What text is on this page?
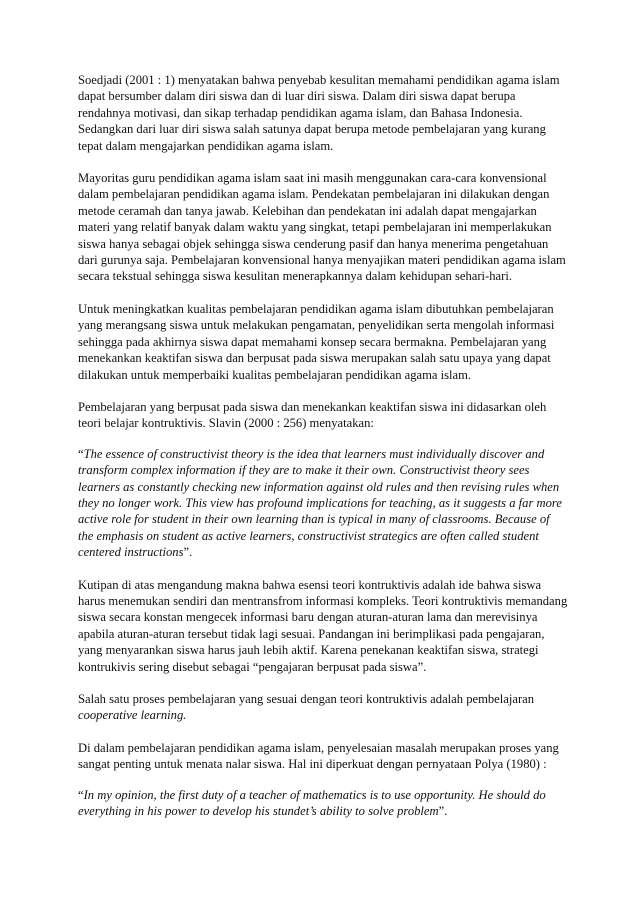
Soedjadi (2001 : 1) menyatakan bahwa penyebab kesulitan memahami pendidikan agama islam dapat bersumber dalam diri siswa dan di luar diri siswa. Dalam diri siswa dapat berupa rendahnya motivasi, dan sikap terhadap pendidikan agama islam, dan Bahasa Indonesia. Sedangkan dari luar diri siswa salah satunya dapat berupa metode pembelajaran yang kurang tepat dalam mengajarkan pendidikan agama islam.

Mayoritas guru pendidikan agama islam saat ini masih menggunakan cara-cara konvensional dalam pembelajaran pendidikan agama islam. Pendekatan pembelajaran ini dilakukan dengan metode ceramah dan tanya jawab. Kelebihan dan pendekatan ini adalah dapat mengajarkan materi yang relatif banyak dalam waktu yang singkat, tetapi pembelajaran ini memperlakukan siswa hanya sebagai objek sehingga siswa cenderung pasif dan hanya menerima pengetahuan dari gurunya saja. Pembelajaran konvensional hanya menyajikan materi pendidikan agama islam secara tekstual sehingga siswa kesulitan menerapkannya dalam kehidupan sehari-hari.

Untuk meningkatkan kualitas pembelajaran pendidikan agama islam dibutuhkan pembelajaran yang merangsang siswa untuk melakukan pengamatan, penyelidikan serta mengolah informasi sehingga pada akhirnya siswa dapat memahami konsep secara bermakna. Pembelajaran yang menekankan keaktifan siswa dan berpusat pada siswa merupakan salah satu upaya yang dapat dilakukan untuk memperbaiki kualitas pembelajaran pendidikan agama islam.

Pembelajaran yang berpusat pada siswa dan menekankan keaktifan siswa ini didasarkan oleh teori belajar kontruktivis. Slavin (2000 : 256) menyatakan:

“The essence of constructivist theory is the idea that learners must individually discover and transform complex information if they are to make it their own. Constructivist theory sees learners as constantly checking new information against old rules and then revising rules when they no longer work. This view has profound implications for teaching, as it suggests a far more active role for student in their own learning than is typical in many of classrooms. Because of the emphasis on student as active learners, constructivist strategics are often called student centered instructions”.

Kutipan di atas mengandung makna bahwa esensi teori kontruktivis adalah ide bahwa siswa harus menemukan sendiri dan mentransfrom informasi kompleks. Teori kontruktivis memandang siswa secara konstan mengecek informasi baru dengan aturan-aturan lama dan merevisinya apabila aturan-aturan tersebut tidak lagi sesuai. Pandangan ini berimplikasi pada pengajaran, yang menyarankan siswa harus jauh lebih aktif. Karena penekanan keaktifan siswa, strategi kontrukivis sering disebut sebagai “pengajaran berpusat pada siswa”.

Salah satu proses pembelajaran yang sesuai dengan teori kontruktivis adalah pembelajaran
cooperative learning.

Di dalam pembelajaran pendidikan agama islam, penyelesaian masalah merupakan proses yang sangat penting untuk menata nalar siswa. Hal ini diperkuat dengan pernyataan Polya (1980) :

“In my opinion, the first duty of a teacher of mathematics is to use opportunity. He should do everything in his power to develop his stundet’s ability to solve problem”.
